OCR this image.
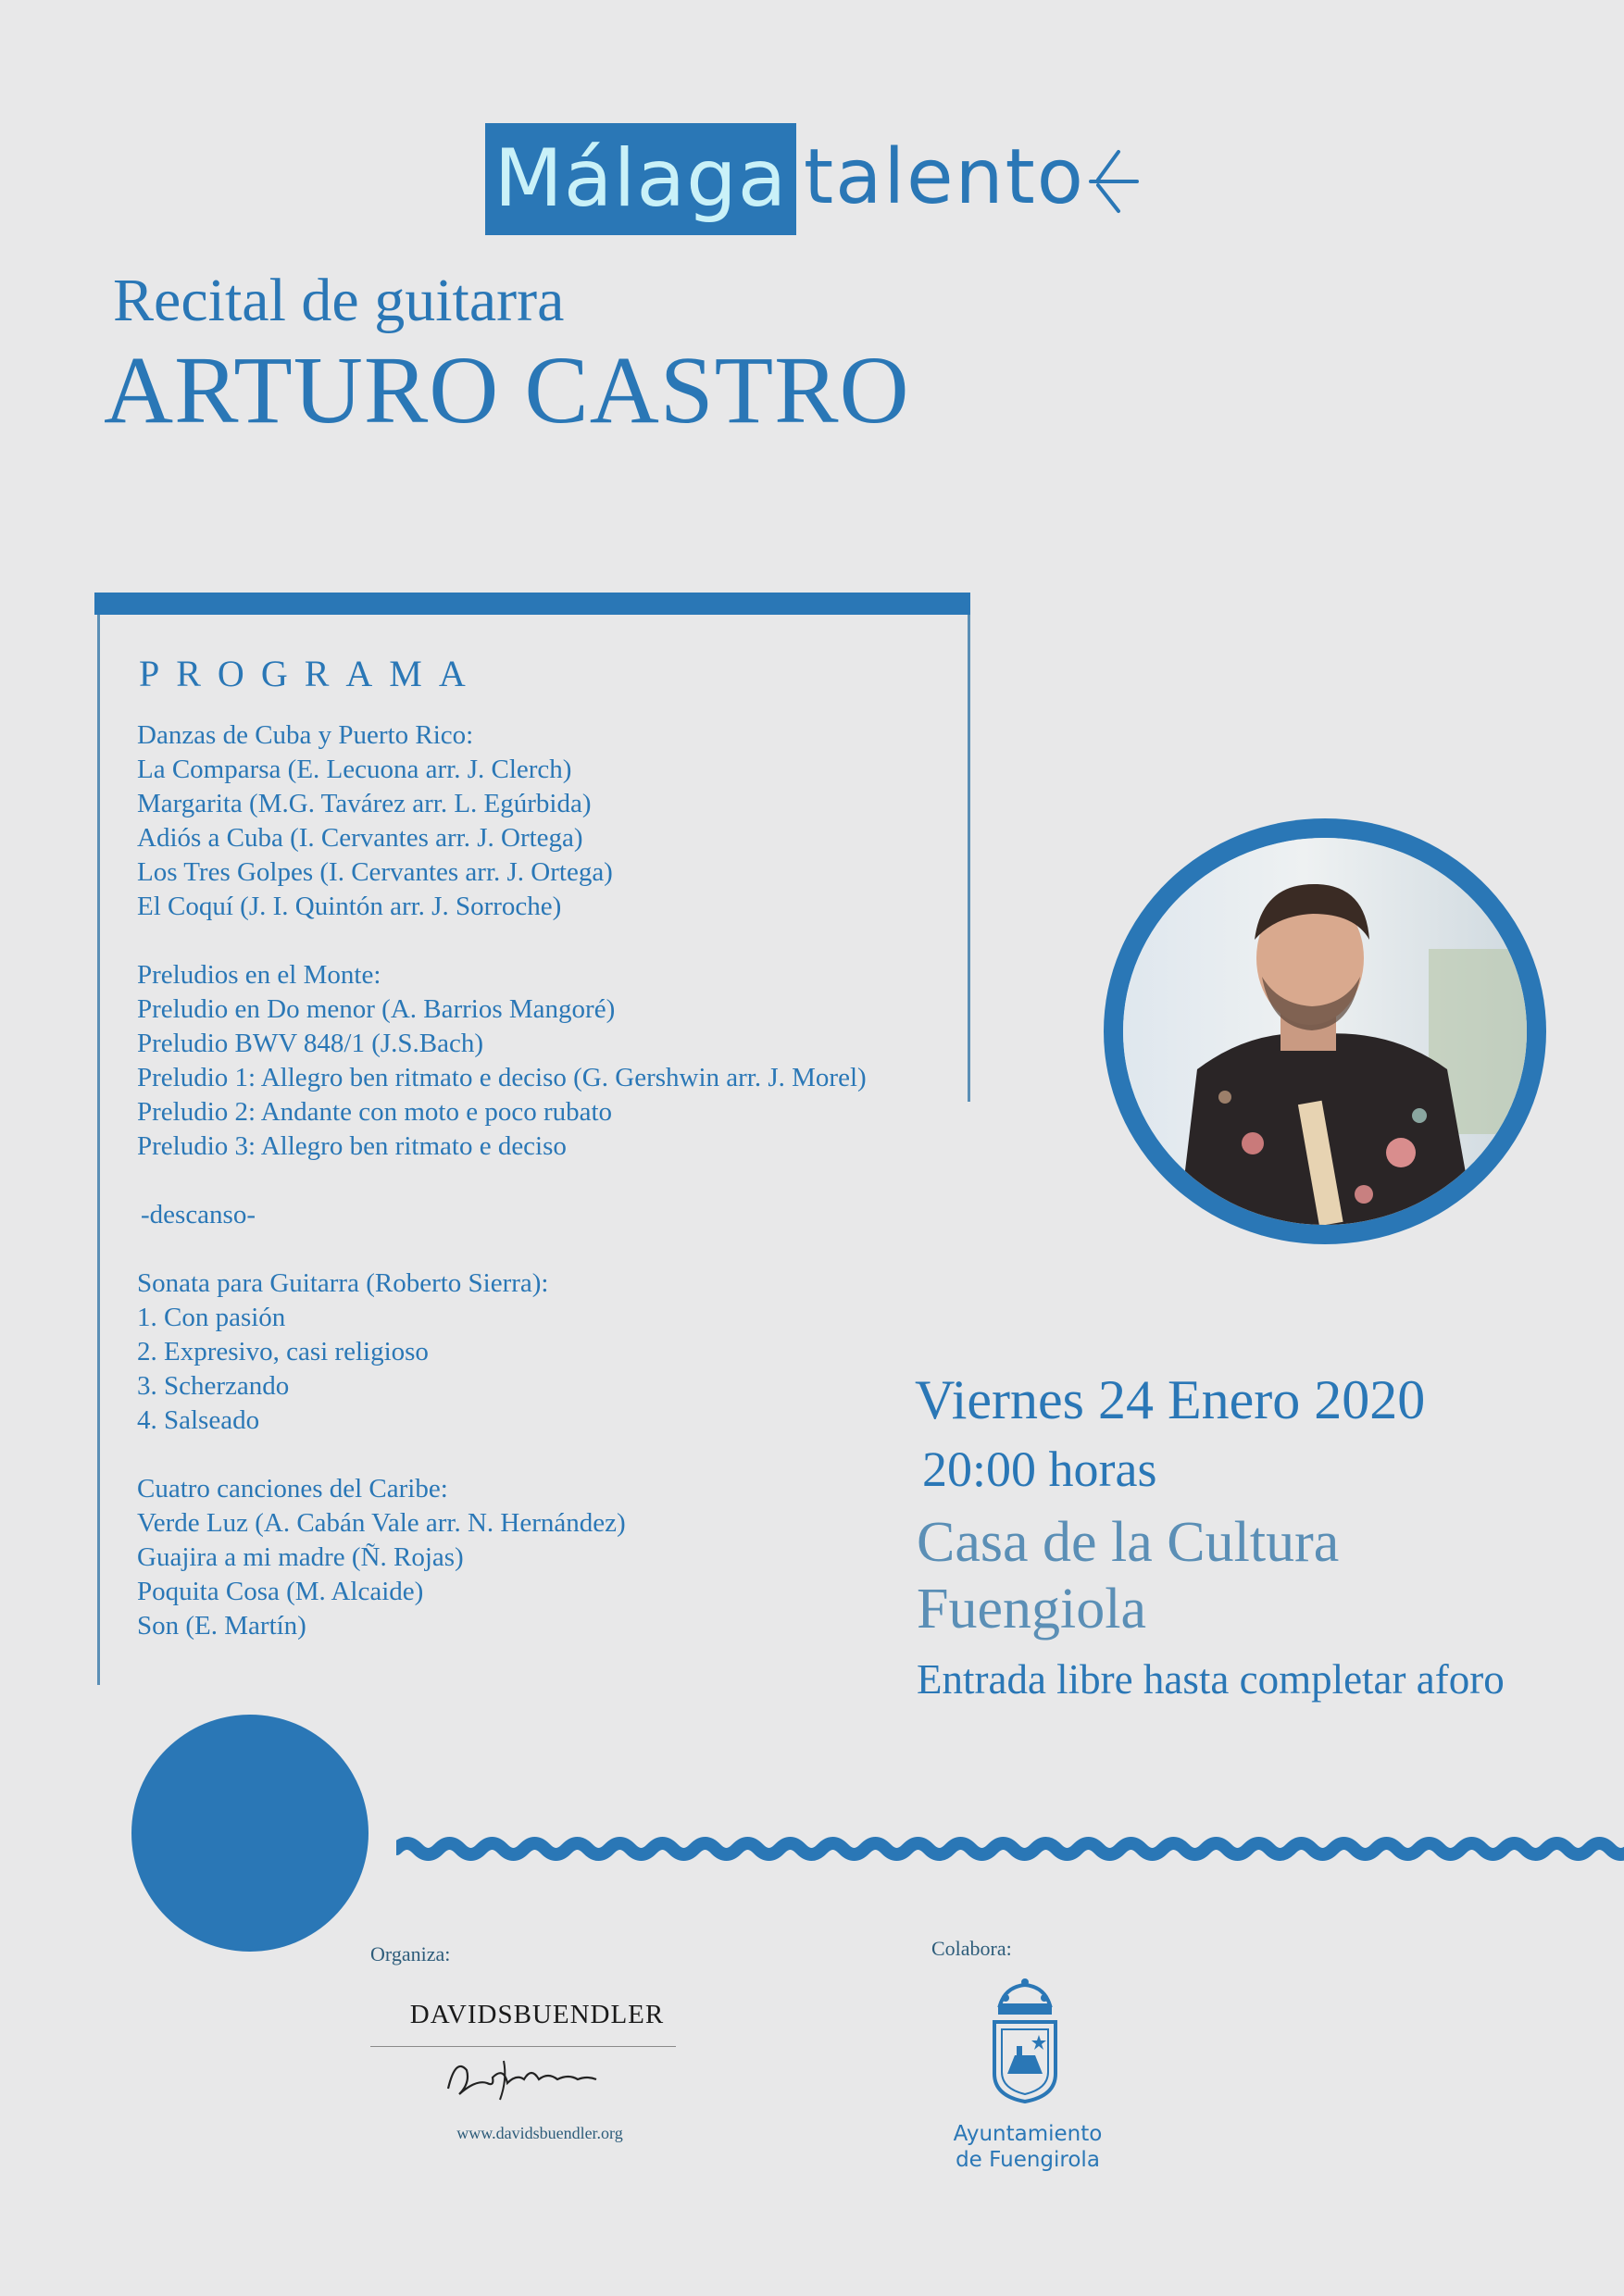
Málaga talento
Recital de guitarra
ARTURO CASTRO
PROGRAMA
Danzas de Cuba y Puerto Rico:
La Comparsa (E. Lecuona arr. J. Clerch)
Margarita (M.G. Tavárez arr. L. Egúrbida)
Adiós a Cuba (I. Cervantes arr. J. Ortega)
Los Tres Golpes (I. Cervantes arr. J. Ortega)
El Coquí (J. I. Quintón arr. J. Sorroche)
Preludios en el Monte:
Preludio en Do menor (A. Barrios Mangoré)
Preludio BWV 848/1 (J.S.Bach)
Preludio 1: Allegro ben ritmato e deciso (G. Gershwin arr. J. Morel)
Preludio 2: Andante con moto e poco rubato
Preludio 3: Allegro ben ritmato e deciso
-descanso-
Sonata para Guitarra (Roberto Sierra):
1. Con pasión
2. Expresivo, casi religioso
3. Scherzando
4. Salseado
Cuatro canciones del Caribe:
Verde Luz (A. Cabán Vale arr. N. Hernández)
Guajira a mi madre (Ñ. Rojas)
Poquita Cosa (M. Alcaide)
Son (E. Martín)
Viernes 24 Enero 2020
20:00 horas
Casa de la Cultura
Fuengiola
Entrada libre hasta completar aforo
Organiza:	Colabora:
DAVIDSBUENDLER
www.davidsbuendler.org	Ayuntamiento
de Fuengirola
